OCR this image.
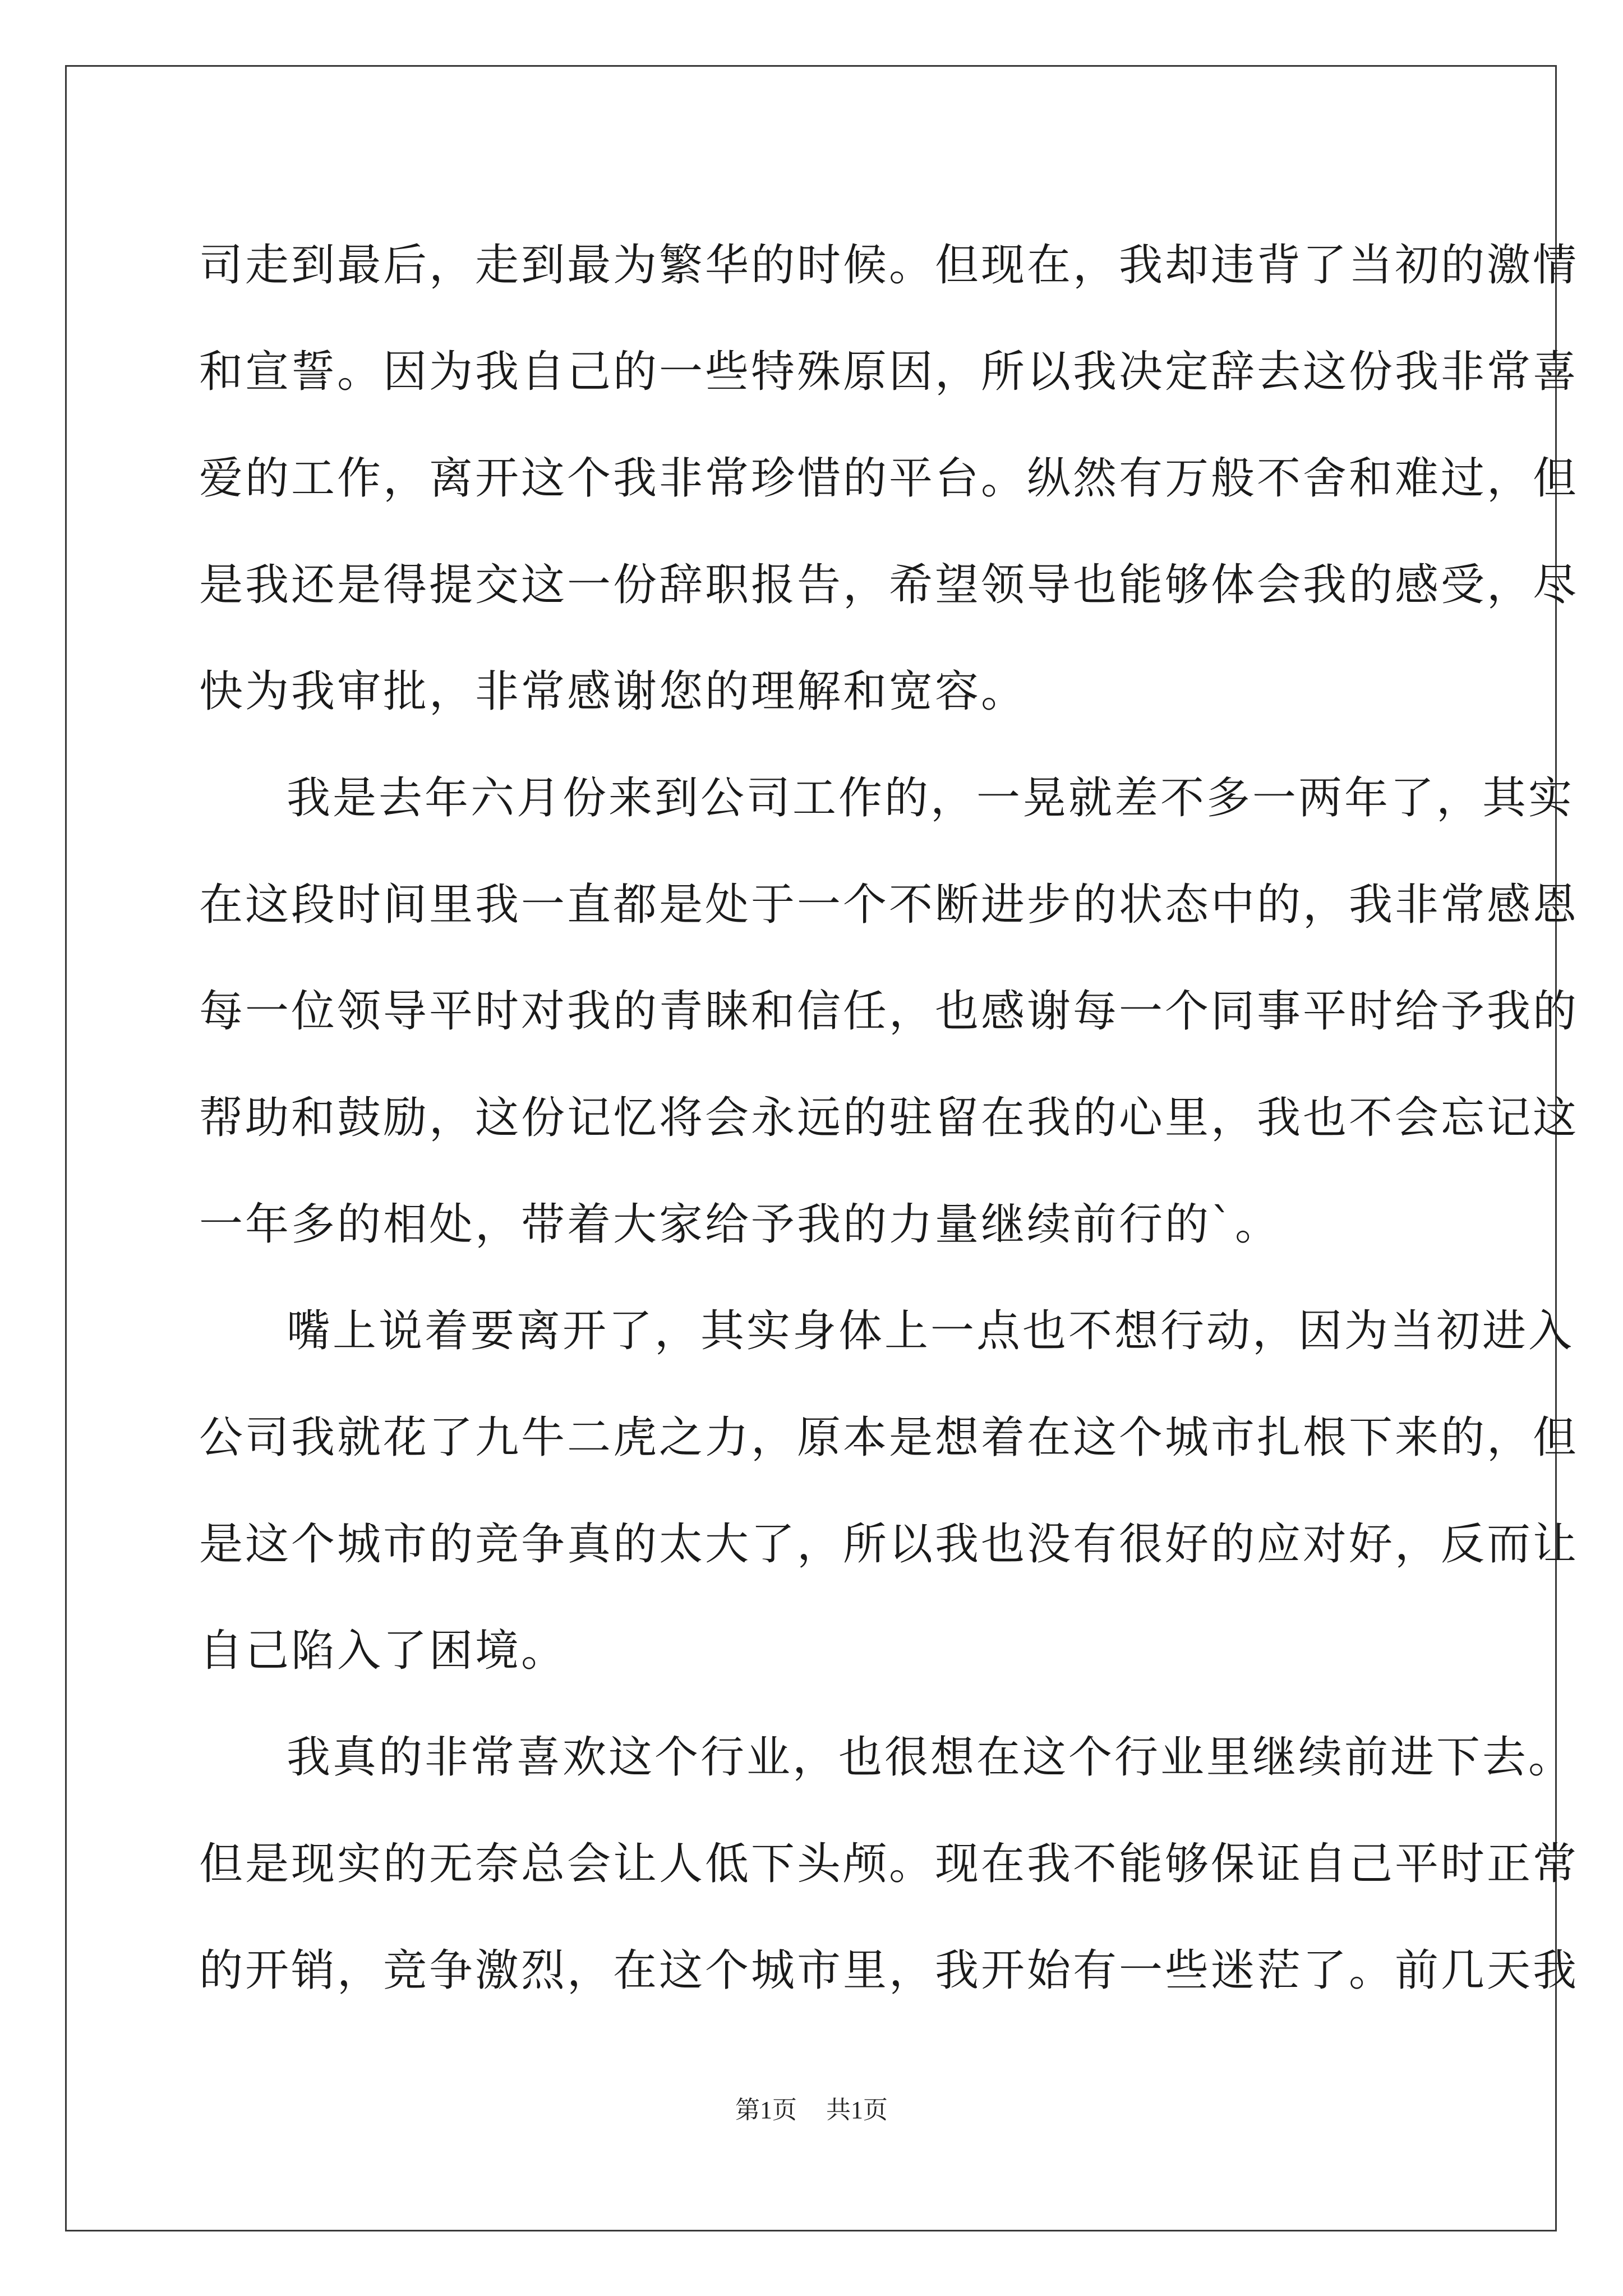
司走到最后，走到最为繁华的时候。但现在，我却违背了当初的激情
和宣誓。因为我自己的一些特殊原因，所以我决定辞去这份我非常喜
爱的工作，离开这个我非常珍惜的平台。纵然有万般不舍和难过，但
是我还是得提交这一份辞职报告，希望领导也能够体会我的感受，尽
快为我审批，非常感谢您的理解和宽容。
我是去年六月份来到公司工作的，一晃就差不多一两年了，其实
在这段时间里我一直都是处于一个不断进步的状态中的，我非常感恩
每一位领导平时对我的青睐和信任，也感谢每一个同事平时给予我的
帮助和鼓励，这份记忆将会永远的驻留在我的心里，我也不会忘记这
一年多的相处，带着大家给予我的力量继续前行的`。
嘴上说着要离开了，其实身体上一点也不想行动，因为当初进入
公司我就花了九牛二虎之力，原本是想着在这个城市扎根下来的，但
是这个城市的竞争真的太大了，所以我也没有很好的应对好，反而让
自己陷入了困境。
我真的非常喜欢这个行业，也很想在这个行业里继续前进下去。
但是现实的无奈总会让人低下头颅。现在我不能够保证自己平时正常
的开销，竞争激烈，在这个城市里，我开始有一些迷茫了。前几天我
第1页 共1页
